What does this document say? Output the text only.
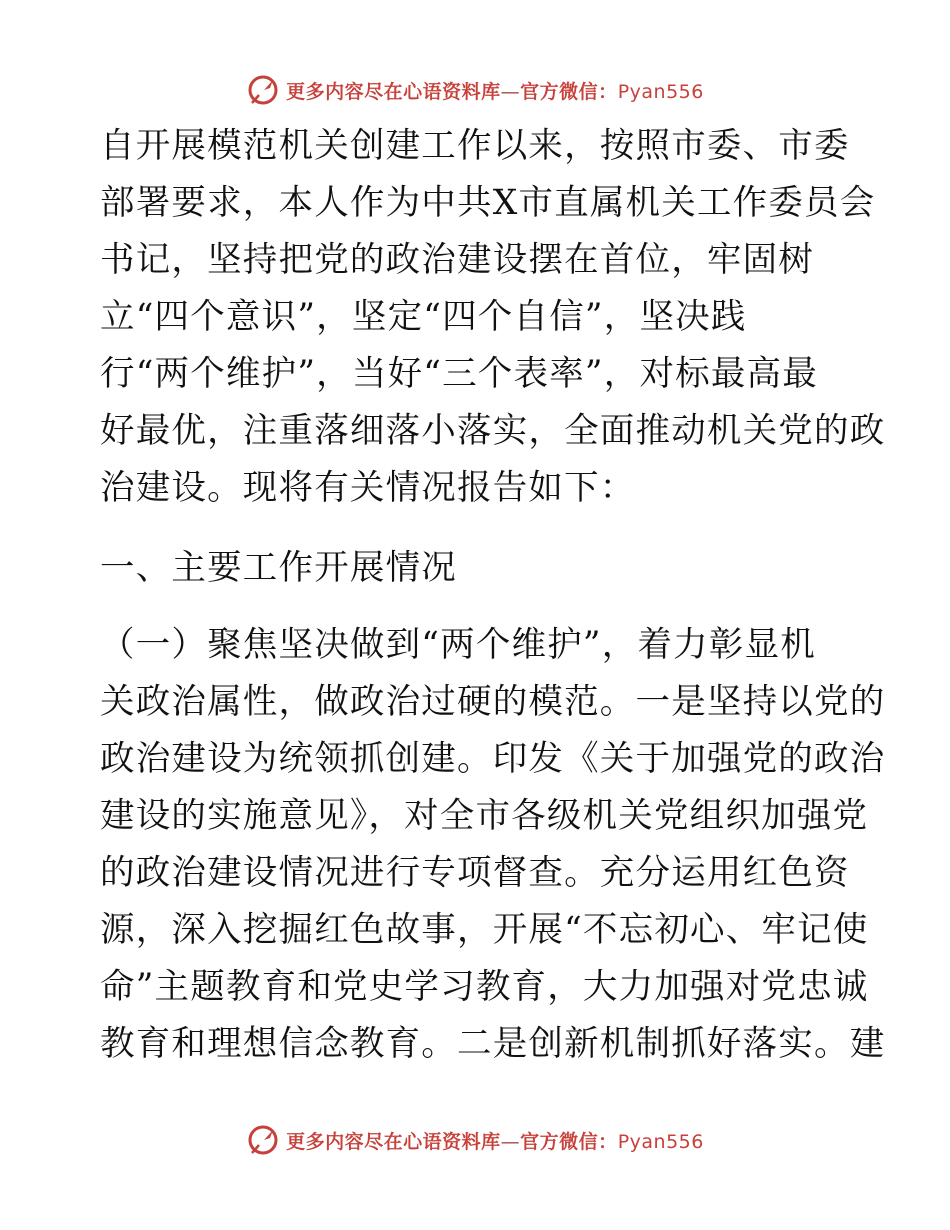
更多内容尽在心语资料库—官方微信：Pyan556
自开展模范机关创建工作以来，按照市委、市委
部署要求，本人作为中共X市直属机关工作委员会
书记，坚持把党的政治建设摆在首位，牢固树
立“四个意识”，坚定“四个自信”，坚决践
行“两个维护”，当好“三个表率”，对标最高最
好最优，注重落细落小落实，全面推动机关党的政
治建设。现将有关情况报告如下：
一、主要工作开展情况
（一）聚焦坚决做到“两个维护”，着力彰显机
关政治属性，做政治过硬的模范。一是坚持以党的
政治建设为统领抓创建。印发《关于加强党的政治
建设的实施意见》，对全市各级机关党组织加强党
的政治建设情况进行专项督查。充分运用红色资
源，深入挖掘红色故事，开展“不忘初心、牢记使
命”主题教育和党史学习教育，大力加强对党忠诚
教育和理想信念教育。二是创新机制抓好落实。建
更多内容尽在心语资料库—官方微信：Pyan556
